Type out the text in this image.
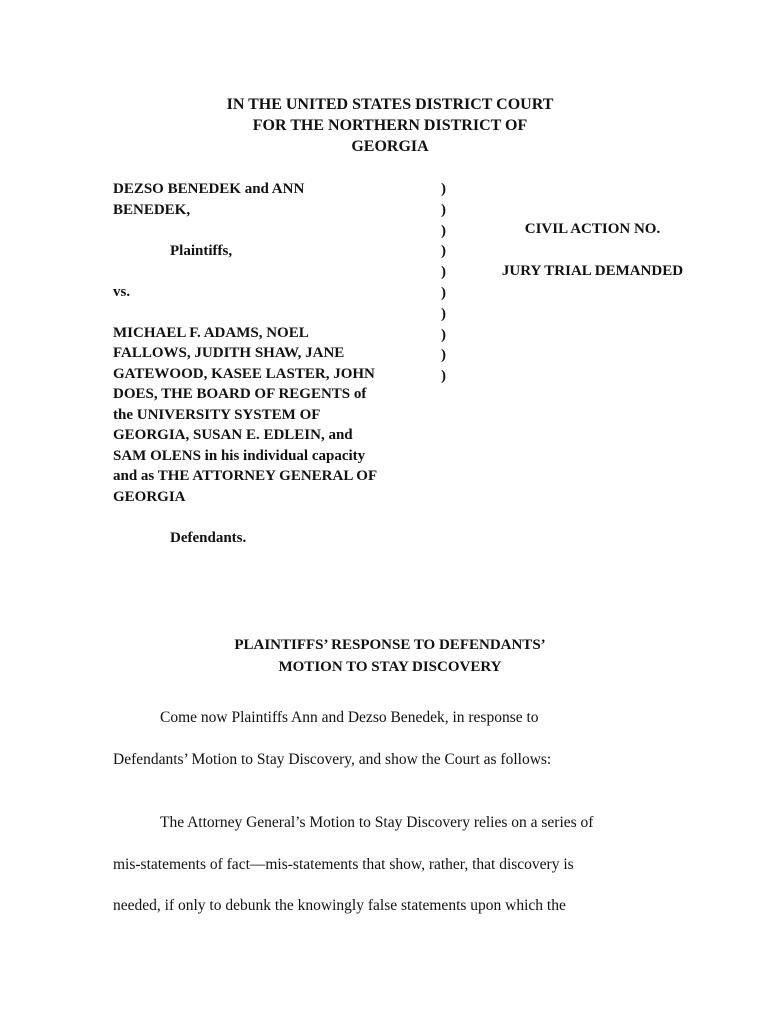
IN THE UNITED STATES DISTRICT COURT
FOR THE NORTHERN DISTRICT OF
GEORGIA
DEZSO BENEDEK and ANN
BENEDEK,
Plaintiffs,
vs.
MICHAEL F. ADAMS, NOEL
FALLOWS, JUDITH SHAW, JANE
GATEWOOD, KASEE LASTER, JOHN
DOES, THE BOARD OF REGENTS of
the UNIVERSITY SYSTEM OF
GEORGIA, SUSAN E. EDLEIN, and
SAM OLENS in his individual capacity
and as THE ATTORNEY GENERAL OF
GEORGIA
Defendants.
)
)
)
)
)
)
)
)
)
)
CIVIL ACTION NO.
JURY TRIAL DEMANDED
PLAINTIFFS’ RESPONSE TO DEFENDANTS’
MOTION TO STAY DISCOVERY
Come now Plaintiffs Ann and Dezso Benedek, in response to
Defendants’ Motion to Stay Discovery, and show the Court as follows:
The Attorney General’s Motion to Stay Discovery relies on a series of
mis-statements of fact—mis-statements that show, rather, that discovery is
needed, if only to debunk the knowingly false statements upon which the
